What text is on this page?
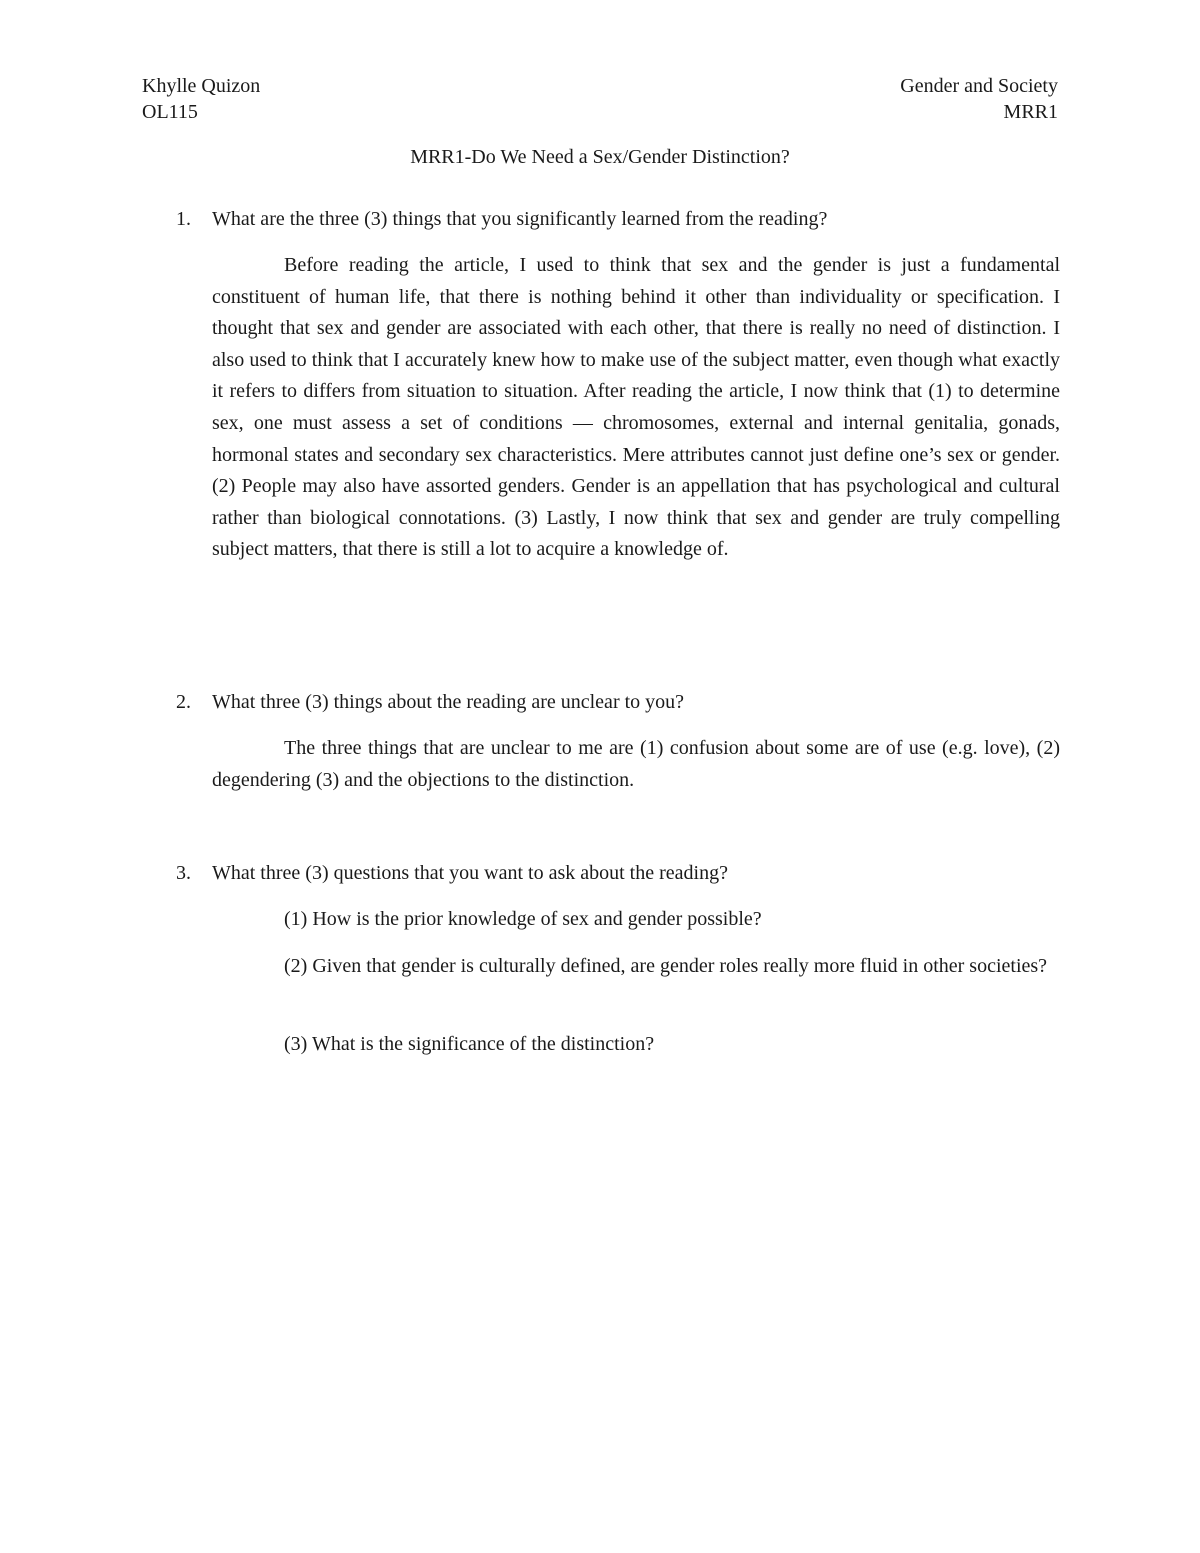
Khylle Quizon
OL115
Gender and Society
MRR1
MRR1-Do We Need a Sex/Gender Distinction?
1. What are the three (3) things that you significantly learned from the reading?

Before reading the article, I used to think that sex and the gender is just a fundamental constituent of human life, that there is nothing behind it other than individuality or specification. I thought that sex and gender are associated with each other, that there is really no need of distinction. I also used to think that I accurately knew how to make use of the subject matter, even though what exactly it refers to differs from situation to situation. After reading the article, I now think that (1) to determine sex, one must assess a set of conditions — chromosomes, external and internal genitalia, gonads, hormonal states and secondary sex characteristics. Mere attributes cannot just define one’s sex or gender. (2) People may also have assorted genders. Gender is an appellation that has psychological and cultural rather than biological connotations. (3) Lastly, I now think that sex and gender are truly compelling subject matters, that there is still a lot to acquire a knowledge of.

2. What three (3) things about the reading are unclear to you?

The three things that are unclear to me are (1) confusion about some are of use (e.g. love), (2) degendering (3) and the objections to the distinction.

3. What three (3) questions that you want to ask about the reading?

(1) How is the prior knowledge of sex and gender possible?

(2) Given that gender is culturally defined, are gender roles really more fluid in other societies?

(3) What is the significance of the distinction?
